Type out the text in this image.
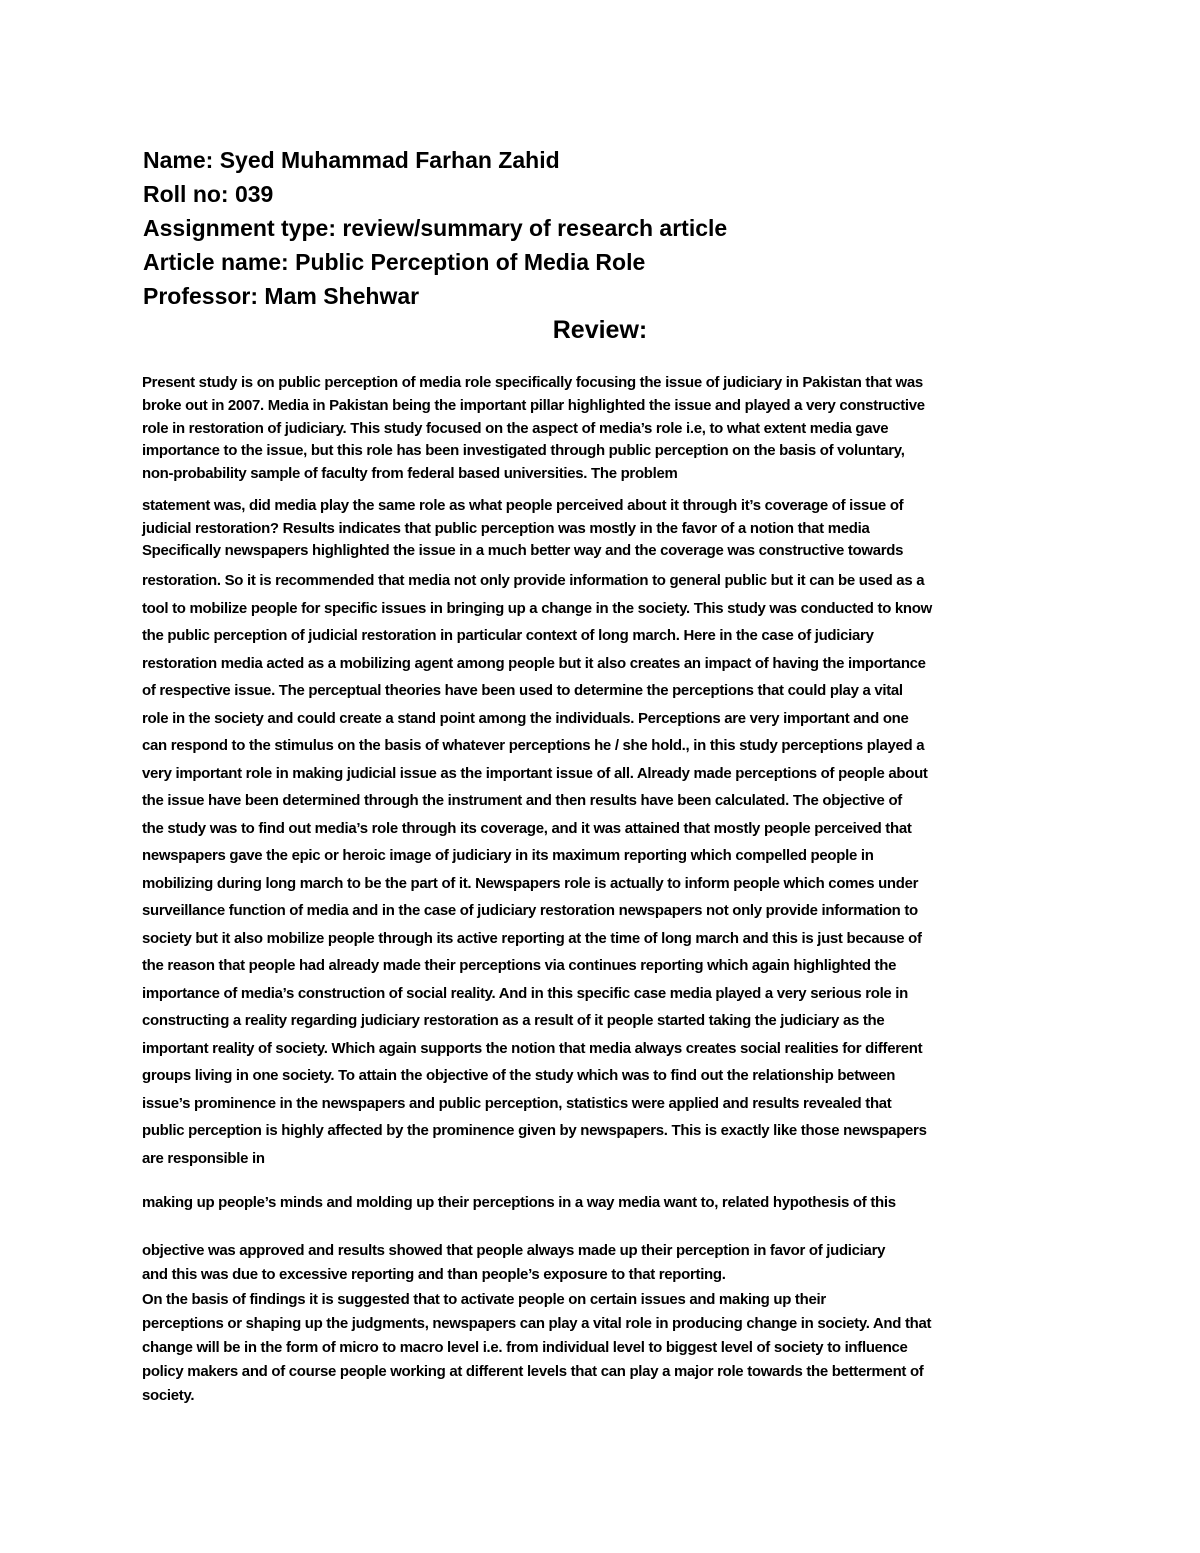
Name: Syed Muhammad Farhan Zahid
Roll no: 039
Assignment type: review/summary of research article
Article name: Public Perception of Media Role
Professor: Mam Shehwar
Review:
Present study is on public perception of media role specifically focusing the issue of judiciary in Pakistan that was
broke out in 2007. Media in Pakistan being the important pillar highlighted the issue and played a very constructive
role in restoration of judiciary. This study focused on the aspect of media’s role i.e, to what extent media gave
importance to the issue, but this role has been investigated through public perception on the basis of voluntary,
non-probability sample of faculty from federal based universities. The problem
statement was, did media play the same role as what people perceived about it through it’s coverage of issue of
judicial restoration? Results indicates that public perception was mostly in the favor of a notion that media
Specifically newspapers highlighted the issue in a much better way and the coverage was constructive towards
restoration. So it is recommended that media not only provide information to general public but it can be used as a
tool to mobilize people for specific issues in bringing up a change in the society. This study was conducted to know
the public perception of judicial restoration in particular context of long march. Here in the case of judiciary
restoration media acted as a mobilizing agent among people but it also creates an impact of having the importance
of respective issue. The perceptual theories have been used to determine the perceptions that could play a vital
role in the society and could create a stand point among the individuals. Perceptions are very important and one
can respond to the stimulus on the basis of whatever perceptions he / she hold., in this study perceptions played a
very important role in making judicial issue as the important issue of all. Already made perceptions of people about
the issue have been determined through the instrument and then results have been calculated. The objective of
the study was to find out media’s role through its coverage, and it was attained that mostly people perceived that
newspapers gave the epic or heroic image of judiciary in its maximum reporting which compelled people in
mobilizing during long march to be the part of it. Newspapers role is actually to inform people which comes under
surveillance function of media and in the case of judiciary restoration newspapers not only provide information to
society but it also mobilize people through its active reporting at the time of long march and this is just because of
the reason that people had already made their perceptions via continues reporting which again highlighted the
importance of media’s construction of social reality. And in this specific case media played a very serious role in
constructing a reality regarding judiciary restoration as a result of it people started taking the judiciary as the
important reality of society. Which again supports the notion that media always creates social realities for different
groups living in one society. To attain the objective of the study which was to find out the relationship between
issue’s prominence in the newspapers and public perception, statistics were applied and results revealed that
public perception is highly affected by the prominence given by newspapers. This is exactly like those newspapers
are responsible in
making up people’s minds and molding up their perceptions in a way media want to, related hypothesis of this
objective was approved and results showed that people always made up their perception in favor of judiciary
and this was due to excessive reporting and than people’s exposure to that reporting.
On the basis of findings it is suggested that to activate people on certain issues and making up their
perceptions or shaping up the judgments, newspapers can play a vital role in producing change in society. And that
change will be in the form of micro to macro level i.e. from individual level to biggest level of society to influence
policy makers and of course people working at different levels that can play a major role towards the betterment of
society.
